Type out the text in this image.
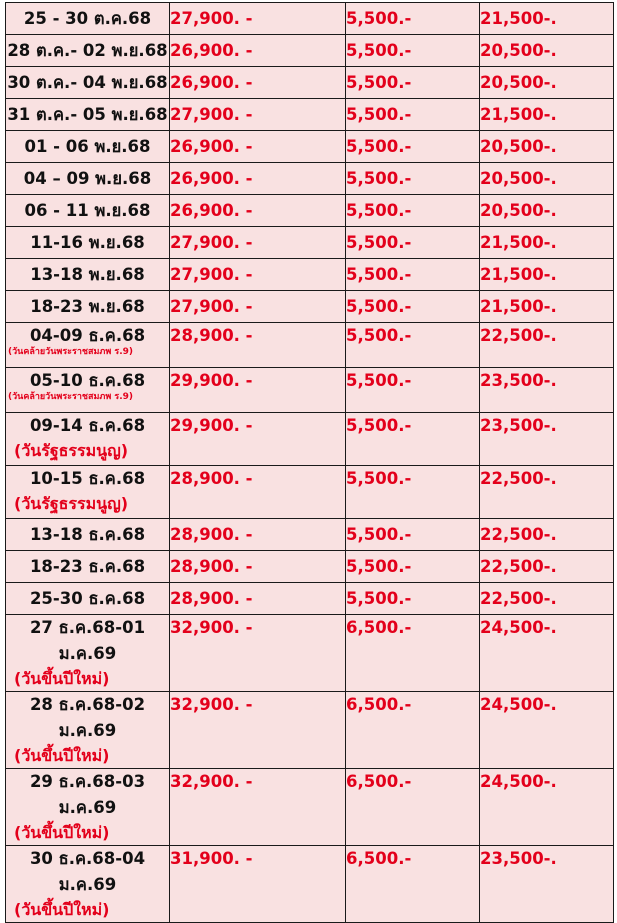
25 - 30 ต.ค.68	27,900. -	5,500.-	21,500-.
28 ต.ค.- 02 พ.ย.68	26,900. -	5,500.-	20,500-.
30 ต.ค.- 04 พ.ย.68	26,900. -	5,500.-	20,500-.
31 ต.ค.- 05 พ.ย.68	27,900. -	5,500.-	21,500-.
01 - 06 พ.ย.68	26,900. -	5,500.-	20,500-.
04 – 09 พ.ย.68	26,900. -	5,500.-	20,500-.
06 - 11 พ.ย.68	26,900. -	5,500.-	20,500-.
11-16 พ.ย.68	27,900. -	5,500.-	21,500-.
13-18 พ.ย.68	27,900. -	5,500.-	21,500-.
18-23 พ.ย.68	27,900. -	5,500.-	21,500-.
04-09 ธ.ค.68
(วันคล้ายวันพระราชสมภพ ร.9)	28,900. -	5,500.-	22,500-.
05-10 ธ.ค.68
(วันคล้ายวันพระราชสมภพ ร.9)	29,900. -	5,500.-	23,500-.
09-14 ธ.ค.68
(วันรัฐธรรมนูญ)	29,900. -	5,500.-	23,500-.
10-15 ธ.ค.68
(วันรัฐธรรมนูญ)	28,900. -	5,500.-	22,500-.
13-18 ธ.ค.68	28,900. -	5,500.-	22,500-.
18-23 ธ.ค.68	28,900. -	5,500.-	22,500-.
25-30 ธ.ค.68	28,900. -	5,500.-	22,500-.
27 ธ.ค.68-01 ม.ค.69
(วันขึ้นปีใหม่)	32,900. -	6,500.-	24,500-.
28 ธ.ค.68-02 ม.ค.69
(วันขึ้นปีใหม่)	32,900. -	6,500.-	24,500-.
29 ธ.ค.68-03 ม.ค.69
(วันขึ้นปีใหม่)	32,900. -	6,500.-	24,500-.
30 ธ.ค.68-04 ม.ค.69
(วันขึ้นปีใหม่)	31,900. -	6,500.-	23,500-.
